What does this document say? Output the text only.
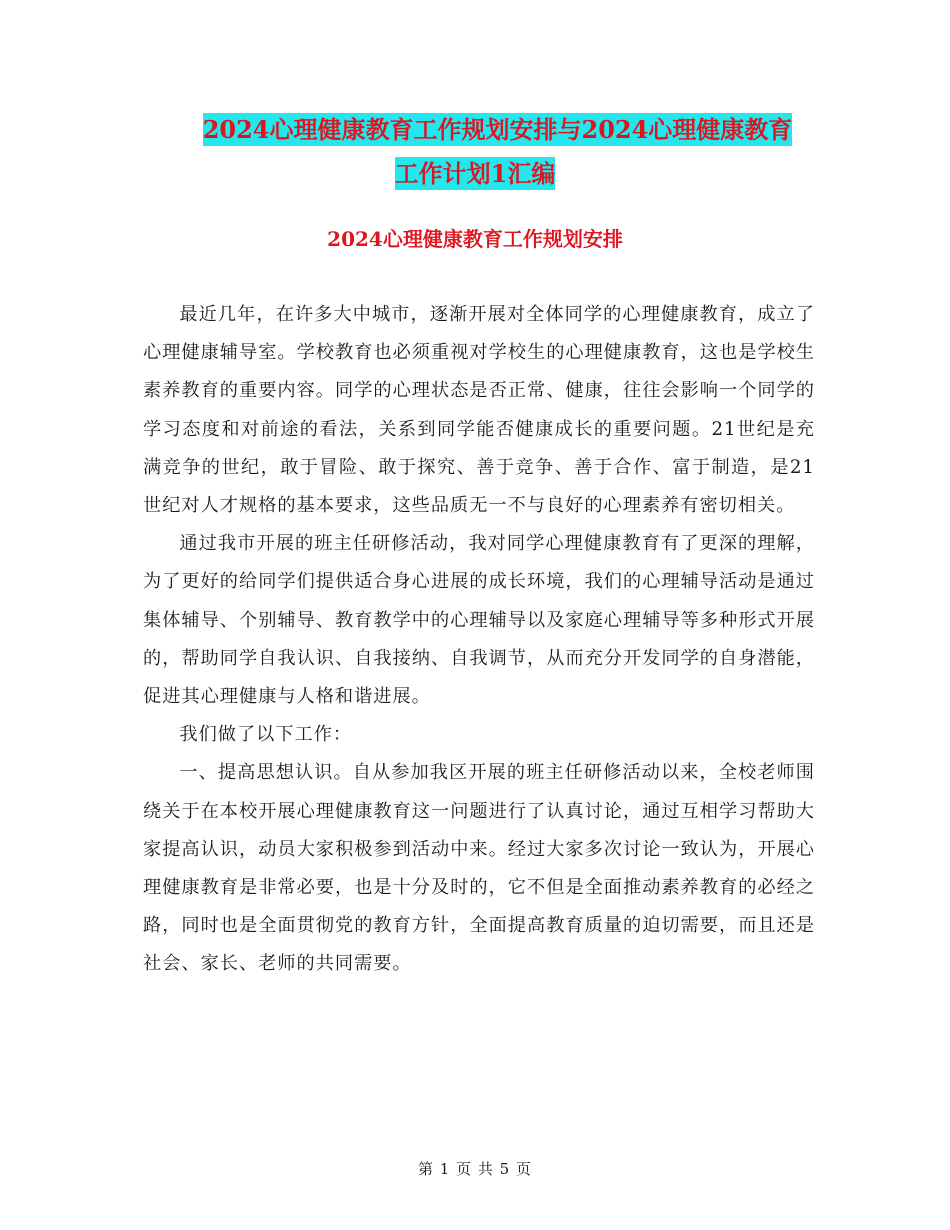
2024心理健康教育工作规划安排与2024心理健康教育
工作计划1汇编
2024心理健康教育工作规划安排

最近几年，在许多大中城市，逐渐开展对全体同学的心理健康教育，成立了心理健康辅导室。学校教育也必须重视对学校生的心理健康教育，这也是学校生素养教育的重要内容。同学的心理状态是否正常、健康，往往会影响一个同学的学习态度和对前途的看法，关系到同学能否健康成长的重要问题。21世纪是充满竞争的世纪，敢于冒险、敢于探究、善于竞争、善于合作、富于制造，是21世纪对人才规格的基本要求，这些品质无一不与良好的心理素养有密切相关。

通过我市开展的班主任研修活动，我对同学心理健康教育有了更深的理解，为了更好的给同学们提供适合身心进展的成长环境，我们的心理辅导活动是通过集体辅导、个别辅导、教育教学中的心理辅导以及家庭心理辅导等多种形式开展的，帮助同学自我认识、自我接纳、自我调节，从而充分开发同学的自身潜能，促进其心理健康与人格和谐进展。

我们做了以下工作：

一、提高思想认识。自从参加我区开展的班主任研修活动以来，全校老师围绕关于在本校开展心理健康教育这一问题进行了认真讨论，通过互相学习帮助大家提高认识，动员大家积极参到活动中来。经过大家多次讨论一致认为，开展心理健康教育是非常必要，也是十分及时的，它不但是全面推动素养教育的必经之路，同时也是全面贯彻党的教育方针，全面提高教育质量的迫切需要，而且还是社会、家长、老师的共同需要。

第 1 页 共 5 页
